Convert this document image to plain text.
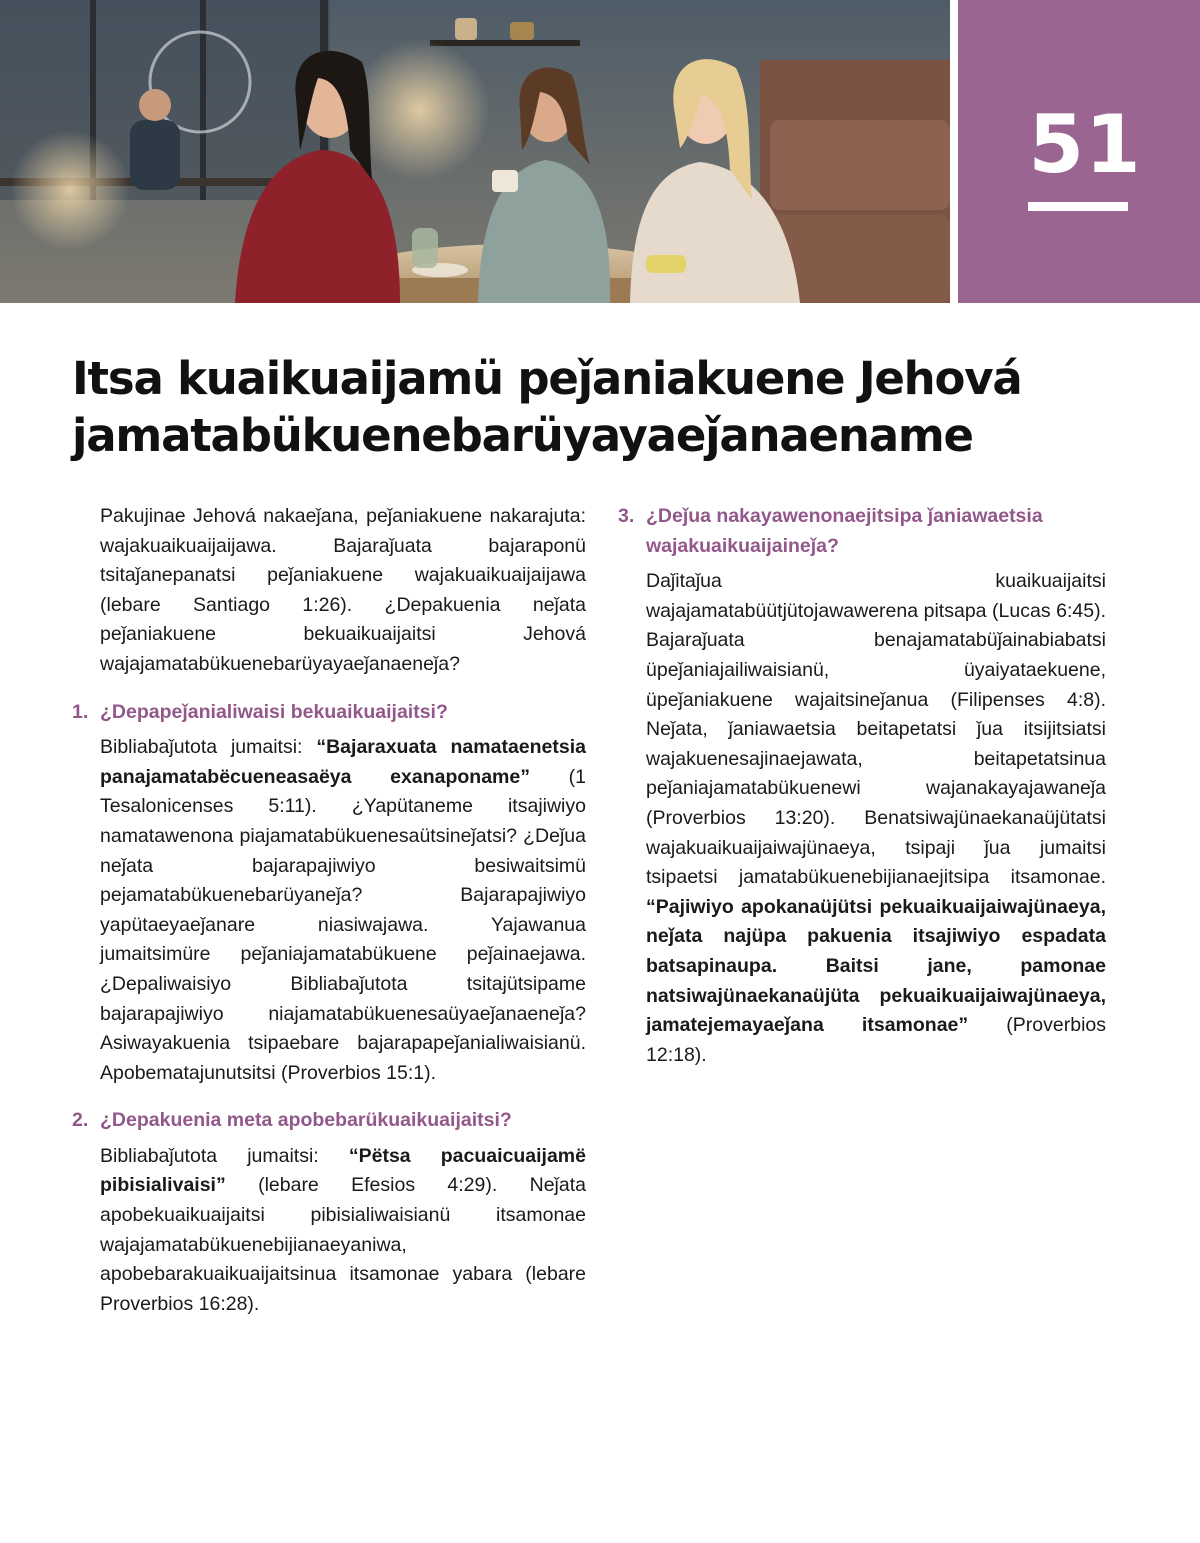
51
Itsa kuaikuaijamü peǰaniakuene Jehová jamatabükuenebarüyayaeǰanaename

Pakujinae Jehová nakaeǰana, peǰaniakuene nakarajuta: wajakuaikuaijaijawa. Bajaraǰuata bajaraponü tsitaǰanepanatsi peǰaniakuene wajakuaikuaijaijawa (lebare Santiago 1:26). ¿Depakuenia neǰata peǰaniakuene bekuaikuaijaitsi Jehová wajajamatabükuenebarüyayaeǰanaeneǰa?

1. ¿Depapeǰanialiwaisi bekuaikuaijaitsi?

Bibliabaǰutota jumaitsi: “Bajaraxuata namataenetsia panajamatabëcueneasaëya exanaponame” (1 Tesalonicenses 5:11). ¿Yapütaneme itsajiwiyo namatawenona piajamatabükuenesaütsineǰatsi? ¿Deǰua neǰata bajarapajiwiyo besiwaitsimü pejamatabükuenebarüyaneǰa? Bajarapajiwiyo yapütaeyaeǰanare niasiwajawa. Yajawanua jumaitsimüre peǰaniajamatabükuene peǰainaejawa. ¿Depaliwaisiyo Bibliabaǰutota tsitajütsipame bajarapajiwiyo niajamatabükuenesaüyaeǰanaeneǰa? Asiwayakuenia tsipaebare bajarapapeǰanialiwaisianü. Apobematajunutsitsi (Proverbios 15:1).

2. ¿Depakuenia meta apobebarükuaikuaijaitsi?

Bibliabaǰutota jumaitsi: “Pëtsa pacuaicuaijamë pibisialivaisi” (lebare Efesios 4:29). Neǰata apobekuaikuaijaitsi pibisialiwaisianü itsamonae wajajamatabükuenebijianaeyaniwa, apobebarakuaikuaijaitsinua itsamonae yabara (lebare Proverbios 16:28).

3. ¿Deǰua nakayawenonaejitsipa ǰaniawaetsia wajakuaikuaijaineǰa?

Daǰitaǰua kuaikuaijaitsi wajajamatabüütjütojawawerena pitsapa (Lucas 6:45). Bajaraǰuata benajamatabüǰainabiabatsi üpeǰaniajailiwaisianü, üyaiyataekuene, üpeǰaniakuene wajaitsineǰanua (Filipenses 4:8). Neǰata, ǰaniawaetsia beitapetatsi ǰua itsijitsiatsi wajakuenesajinaejawata, beitapetatsinua peǰaniajamatabükuenewi wajanakayajawaneǰa (Proverbios 13:20). Benatsiwajünaekanaüjütatsi wajakuaikuaijaiwajünaeya, tsipaji ǰua jumaitsi tsipaetsi jamatabükuenebijianaejitsipa itsamonae. “Pajiwiyo apokanaüjütsi pekuaikuaijaiwajünaeya, neǰata najüpa pakuenia itsajiwiyo espadata batsapinaupa. Baitsi jane, pamonae natsiwajünaekanaüjüta pekuaikuaijaiwajünaeya, jamatejemayaeǰana itsamonae” (Proverbios 12:18).
